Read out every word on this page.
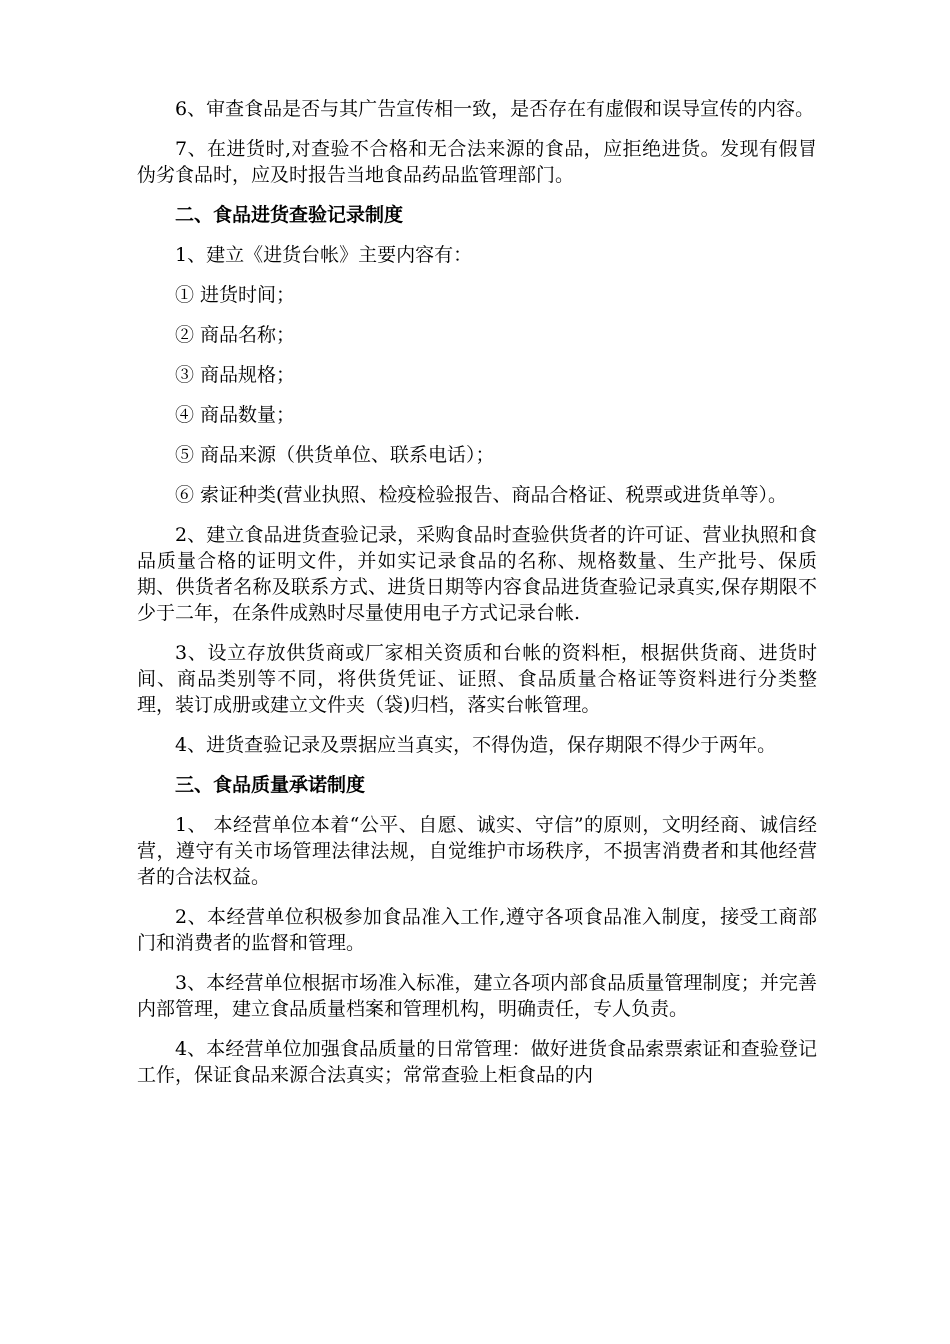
6、审查食品是否与其广告宣传相一致，是否存在有虚假和误导宣传的内容。

7、在进货时,对查验不合格和无合法来源的食品，应拒绝进货。发现有假冒伪劣食品时，应及时报告当地食品药品监管理部门。

二、食品进货查验记录制度

1、建立《进货台帐》主要内容有：

① 进货时间；

② 商品名称；

③ 商品规格；

④ 商品数量；

⑤ 商品来源（供货单位、联系电话）；

⑥ 索证种类(营业执照、检疫检验报告、商品合格证、税票或进货单等）。

2、建立食品进货查验记录，采购食品时查验供货者的许可证、营业执照和食品质量合格的证明文件，并如实记录食品的名称、规格数量、生产批号、保质期、供货者名称及联系方式、进货日期等内容食品进货查验记录真实,保存期限不少于二年，在条件成熟时尽量使用电子方式记录台帐.

3、设立存放供货商或厂家相关资质和台帐的资料柜，根据供货商、进货时间、商品类别等不同，将供货凭证、证照、食品质量合格证等资料进行分类整理，装订成册或建立文件夹（袋)归档，落实台帐管理。

4、进货查验记录及票据应当真实，不得伪造，保存期限不得少于两年。

三、食品质量承诺制度

1、 本经营单位本着“公平、自愿、诚实、守信”的原则，文明经商、诚信经营，遵守有关市场管理法律法规，自觉维护市场秩序，不损害消费者和其他经营者的合法权益。

2、本经营单位积极参加食品准入工作,遵守各项食品准入制度，接受工商部门和消费者的监督和管理。

3、本经营单位根据市场准入标准，建立各项内部食品质量管理制度；并完善内部管理，建立食品质量档案和管理机构，明确责任，专人负责。

4、本经营单位加强食品质量的日常管理：做好进货食品索票索证和查验登记工作，保证食品来源合法真实；常常查验上柜食品的内
